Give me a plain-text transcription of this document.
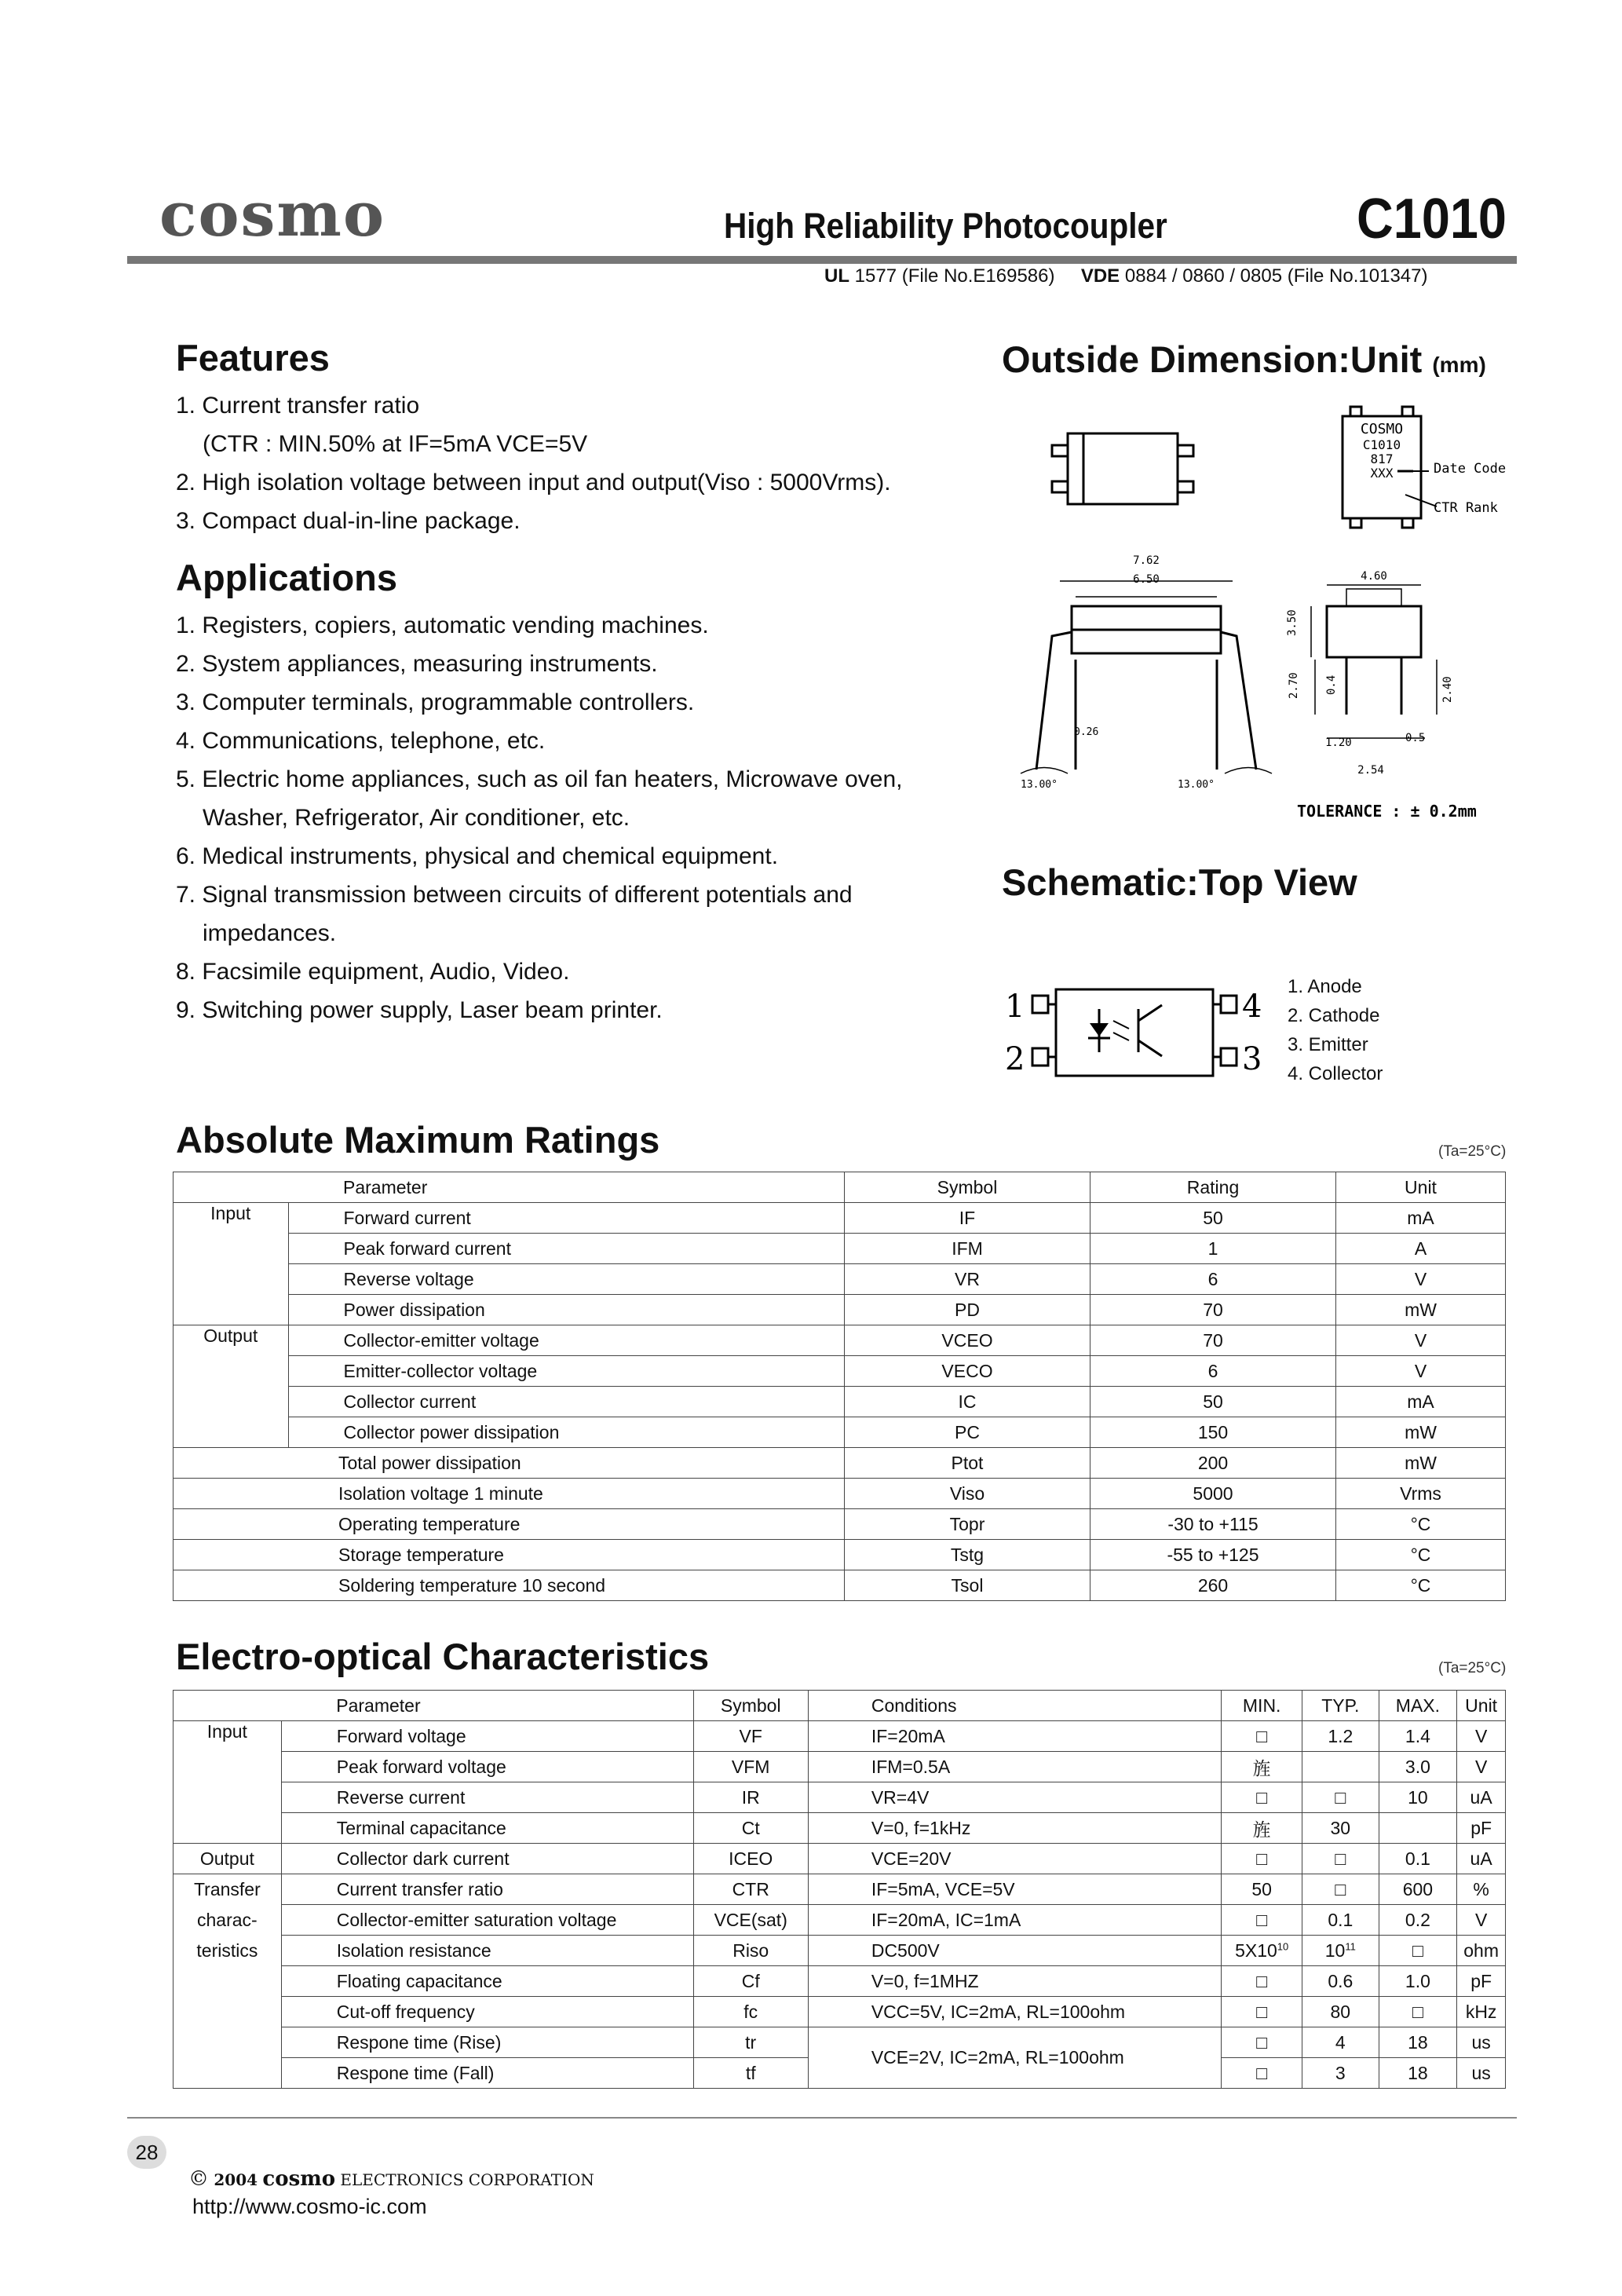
cosmo	High Reliability Photocoupler	C1010
UL 1577 (File No.E169586) VDE 0884 / 0860 / 0805 (File No.101347)
Features
1. Current transfer ratio
(CTR : MIN.50% at IF=5mA VCE=5V
2. High isolation voltage between input and output(Viso : 5000Vrms).
3. Compact dual-in-line package.
Applications
1. Registers, copiers, automatic vending machines.
2. System appliances, measuring instruments.
3. Computer terminals, programmable controllers.
4. Communications, telephone, etc.
5. Electric home appliances, such as oil fan heaters, Microwave oven,
Washer, Refrigerator, Air conditioner, etc.
6. Medical instruments, physical and chemical equipment.
7. Signal transmission between circuits of different potentials and
impedances.
8. Facsimile equipment, Audio, Video.
9. Switching power supply, Laser beam printer.
Outside Dimension:Unit (mm)
COSMO
C1010
817
XXX	Date Code
CTR Rank
7.62
6.50
0.26
13.00°	13.00°
4.60
3.50
2.70 0.4	2.40
1.20	0.5
2.54
TOLERANCE : ± 0.2mm
Schematic:Top View
1
2	3
4
1. Anode
2. Cathode
3. Emitter
4. Collector
Absolute Maximum Ratings	(Ta=25°C)
	Parameter	Symbol	Rating	Unit
Input	Forward current	IF	50	mA
	Peak forward current	IFM	1	A
	Reverse voltage	VR	6	V
	Power dissipation	PD	70	mW
Output	Collector-emitter voltage	VCEO	70	V
	Emitter-collector voltage	VECO	6	V
	Collector current	IC	50	mA
	Collector power dissipation	PC	150	mW
Total power dissipation		Ptot	200	mW
Isolation voltage 1 minute		Viso	5000	Vrms
Operating temperature		Topr	-30 to +115	°C
Storage temperature		Tstg	-55 to +125	°C
Soldering temperature 10 second		Tsol	260	°C
Electro-optical Characteristics	(Ta=25°C)
	Parameter	Symbol	Conditions	MIN.	TYP.	MAX.	Unit
Input	Forward voltage	VF	IF=20mA	□	1.2	1.4	V
	Peak forward voltage	VFM	IFM=0.5A	旌		3.0	V
	Reverse current	IR	VR=4V	□	□	10	uA
	Terminal capacitance	Ct	V=0, f=1kHz	旌	30		pF
Output	Collector dark current	ICEO	VCE=20V	□	□	0.1	uA

Transfer
charac-
teristics	Current transfer ratio	CTR	IF=5mA, VCE=5V	50	□	600	%
	Collector-emitter saturation voltage	VCE(sat)	IF=20mA, IC=1mA	□	0.1	0.2	V
	Isolation resistance	Riso	DC500V	$5X10^{10}$	$10^{11}$	□	ohm
	Floating capacitance	Cf	V=0, f=1MHZ	□	0.6	1.0	pF
	Cut-off frequency	fc	VCC=5V, IC=2mA, RL=100ohm	□	80	□	kHz
	Respone time (Rise)	tr	VCE=2V, IC=2mA, RL=100ohm	□	4	18	us
	Respone time (Fall)	tf		□	3	18	us
28
© 2004 cosmo ELECTRONICS CORPORATION
http://www.cosmo-ic.com
